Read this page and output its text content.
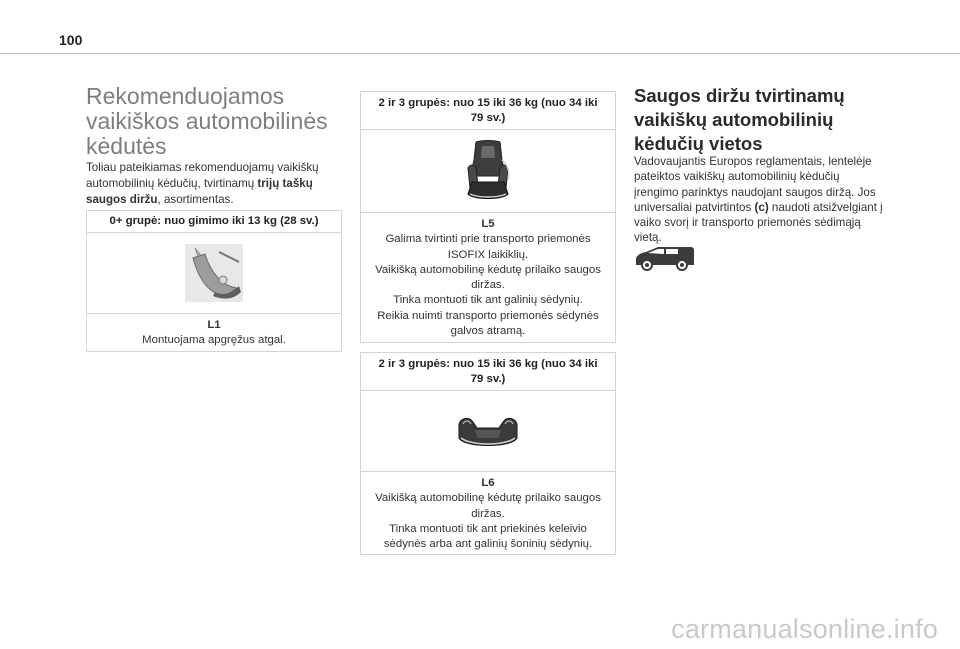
100
Rekomenduojamos
vaikiškos automobilinės
kėdutės

Toliau pateikiamas rekomenduojamų vaikiškų automobilinių kėdučių, tvirtinamų trijų taškų saugos diržu, asortimentas.

0+ grupė: nuo gimimo iki 13 kg (28 sv.)
L1
Montuojama apgręžus atgal.
2 ir 3 grupės: nuo 15 iki 36 kg (nuo 34 iki 79 sv.)
L5
Galima tvirtinti prie transporto priemonės ISOFIX laikiklių.
Vaikišką automobilinę kėdutę prilaiko saugos diržas.
Tinka montuoti tik ant galinių sėdynių.
Reikia nuimti transporto priemonės sėdynės galvos atramą.
2 ir 3 grupės: nuo 15 iki 36 kg (nuo 34 iki 79 sv.)
L6
Vaikišką automobilinę kėdutę prilaiko saugos diržas.
Tinka montuoti tik ant priekinės keleivio sėdynės arba ant galinių šoninių sėdynių.
Saugos diržu tvirtinamų
vaikiškų automobilinių
kėdučių vietos

Vadovaujantis Europos reglamentais, lentelėje pateiktos vaikiškų automobilinių kėdučių įrengimo parinktys naudojant saugos diržą. Jos universaliai patvirtintos (c) naudoti atsižvelgiant į vaiko svorį ir transporto priemonės sėdimąją vietą.

carmanualsonline.info
